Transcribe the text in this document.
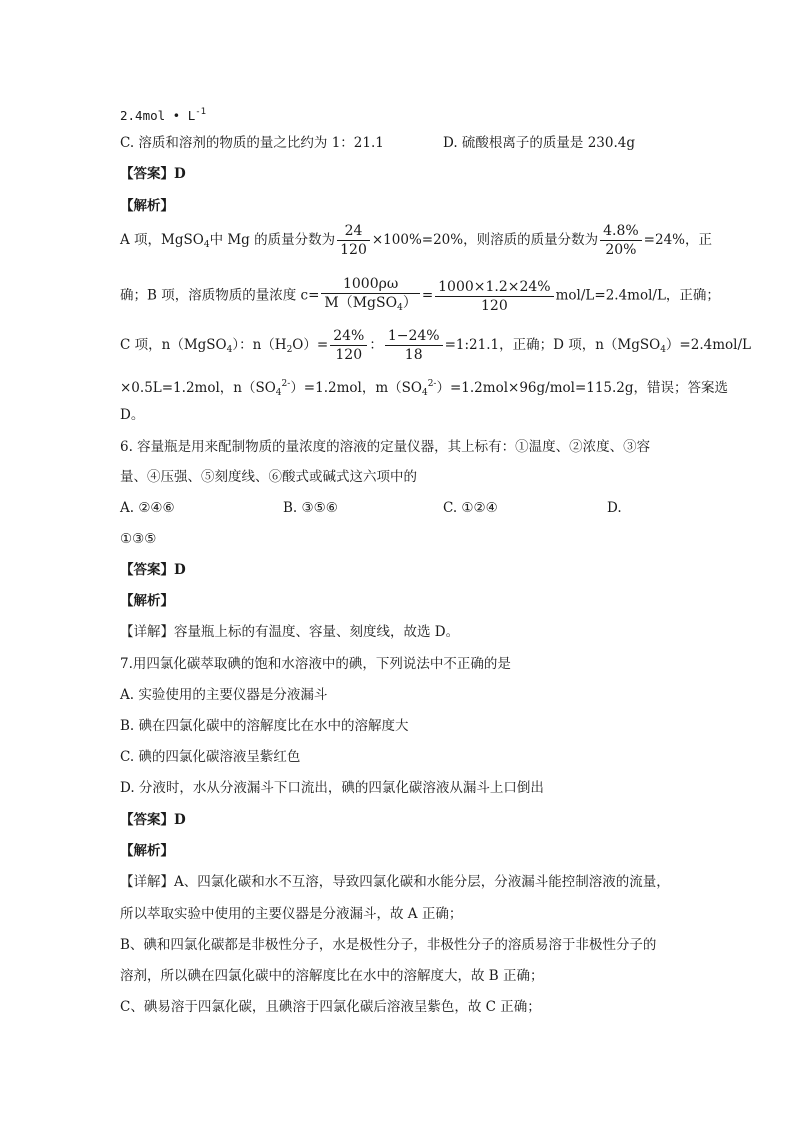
2.4mol • $L^{-1}$
C. 溶质和溶剂的物质的量之比约为 1：21.1	D. 硫酸根离子的质量是 230.4g
【答案】D
【解析】
A 项，MgSO$_4$中 Mg 的质量分数为 $\frac{24}{120} \times 100\%=20\%$，则溶质的质量分数为 $\frac{4.8\%}{20\%} =24\%$，正
确；B 项，溶质物质的量浓度 $c= \frac{1000\rho\omega}{M(MgSO_4)} = \frac{1000\times 1.2\times 24\%}{120} mol/L=2.4mol/L$，正确；
C 项，n（MgSO$_4$）：$n(H_2O)= \frac{24\%}{120}$ ： $\frac{1-24\%}{18}$ =1:21.1，正确；D 项，n（MgSO$_4$）=2.4mol/L
×0.5L=1.2mol，$n(SO_4^{2-})=1.2mol$，$m(SO_4^{2-})=1.2mol\times 96g/mol=115.2g$，错误；答案选
D。
6. 容量瓶是用来配制物质的量浓度的溶液的定量仪器，其上标有：①温度、②浓度、③容
量、④压强、⑤刻度线、⑥酸式或碱式这六项中的
A. ②④⑥	B. ③⑤⑥	C. ①②④	D.
①③⑤
【答案】D
【解析】
【详解】容量瓶上标的有温度、容量、刻度线，故选 D。
7.用四氯化碳萃取碘的饱和水溶液中的碘，下列说法中不正确的是
A. 实验使用的主要仪器是分液漏斗
B. 碘在四氯化碳中的溶解度比在水中的溶解度大
C. 碘的四氯化碳溶液呈紫红色
D. 分液时，水从分液漏斗下口流出，碘的四氯化碳溶液从漏斗上口倒出
【答案】D
【解析】
【详解】A、四氯化碳和水不互溶，导致四氯化碳和水能分层，分液漏斗能控制溶液的流量，
所以萃取实验中使用的主要仪器是分液漏斗，故 A 正确；
B、碘和四氯化碳都是非极性分子，水是极性分子，非极性分子的溶质易溶于非极性分子的
溶剂，所以碘在四氯化碳中的溶解度比在水中的溶解度大，故 B 正确；
C、碘易溶于四氯化碳，且碘溶于四氯化碳后溶液呈紫色，故 C 正确；
